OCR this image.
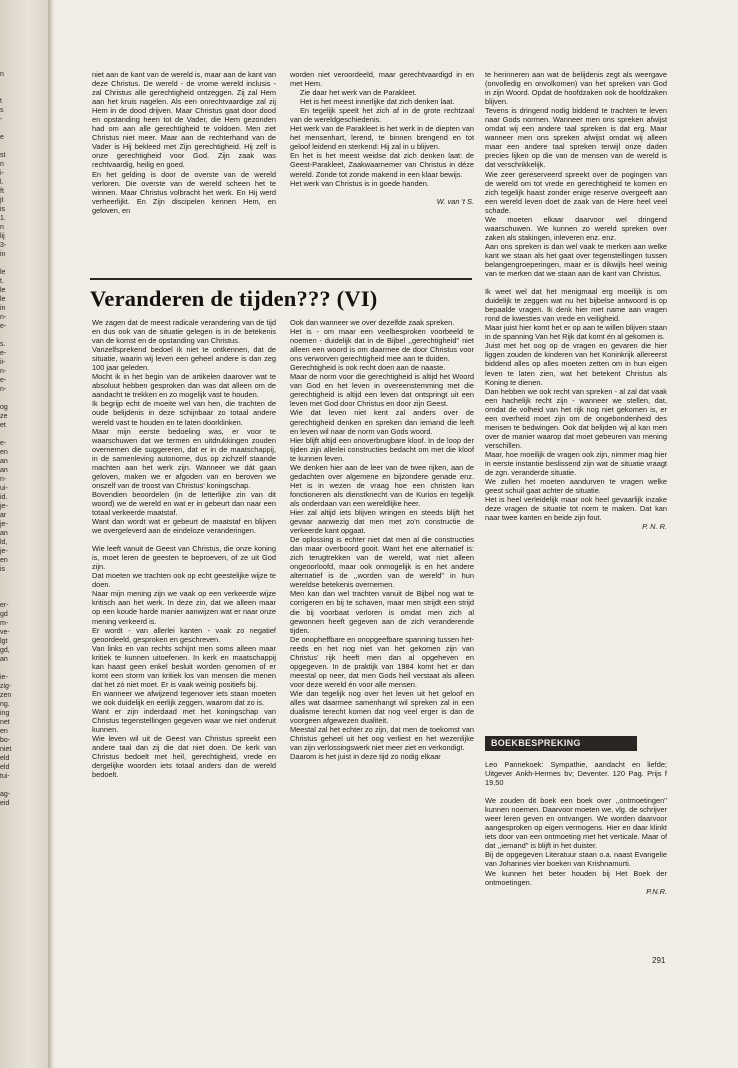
n

t
s
-

e

st
n
i-
l.
ft
jt
is
1.
n
lij
3-
in

le
t.
le
le
in
n-
e-

s.
e-
ii-
n-
e-
n-

og
ze
et

e-
en
an
an
n-
ui-
id.
je-
ar
je-
an
ld,
je-
en
is

er-
gd
m-
ve-
lgt
gd,
an

ie-
zig-
zen
ng.
ing
net
en
bo-
niet
eld
eld
tui-

ag-
eid

niet aan de kant van de wereld is, maar aan de kant van deze Christus. De wereld - de vrome wereld inclusis - zal Christus alle gerechtigheid ontzeggen. Zij zal Hem aan het kruis nagelen. Als een onrechtvaardige zal zij Hem in de dood drijven. Maar Christus gaat door dood en opstanding heen tot de Vader, die Hem gezonden had om aan alle gerechtigheid te voldoen. Men ziet Christus niet meer. Maar aan de rechterhand van de Vader is Hij bekleed met Zijn gerechtigheid. Hij zelf is onze gerechtigheid voor God. Zijn zaak was rechtvaardig, heilig en goed.

En het gelding is door de overste van de wereld verloren. Die overste van de wereld scheen het te winnen. Maar Christus volbracht het werk. En Hij werd verheerlijkt. En Zijn discipelen kennen Hem, en geloven, en

worden niet veroordeeld, maar gerechtvaardigd in en met Hem.

Zie daar het werk van de Parakleet.

Het is het meest innerlijke dat zich denken laat.

En tegelijk speelt het zich af in de grote rechtzaal van de wereldgeschiedenis.

Het werk van de Parakleet is het werk in de diepten van het mensenhart, lerend, te binnen brengend en tot geloof leidend en sterkend: Hij zal in u blijven.

En het is het meest weidse dat zich denken laat: de Geest-Parakleet, Zaakwaarnemer van Christus in déze wereld. Zonde tot zonde makend in een klaar bewijs.

Het werk van Christus is in goede handen.

W. van 't S.

Veranderen de tijden??? (VI)

We zagen dat de meest radicale verandering van de tijd en dus ook van de situatie gelegen is in de betekenis van de komst en de opstanding van Christus.

Vanzelfsprekend bedoel ik niet te ontkennen, dat de situatie, waarin wij leven een geheel andere is dan zeg 100 jaar geleden.

Mocht ik in het begin van de artikelen daarover wat te absoluut hebben gesproken dan was dat alleen om de aandacht te trekken en zo mogelijk vast te houden.

Ik begrijp echt de moeite wel van hen, die trachten de oude belijdenis in deze schijnbaar zo totaal andere wereld vast te houden en te laten doorklinken.

Maar mijn eerste bedoeling was, er voor te waarschuwen dat we termen en uitdrukkingen zouden overnemen die suggereren, dat er in de maatschappij, in de samenleving autonome, dus op zichzelf staande machten aan het werk zijn. Wanneer we dát gaan geloven, maken we er afgoden van en beroven we onszelf van de troost van Christus' koningschap.

Bovendien beoordelen (in de letterlijke zin van dit woord) we de wereld en wat er in gebeurt dan naar een totaal verkeerde maatstaf.

Want dan wordt wat er gebeurt de maatstaf en blijven we overgeleverd aan de eindeloze veranderingen.

Wie leeft vanuit de Geest van Christus, die onze koning is, moet leren de geesten te beproeven, of ze uit God zijn.

Dat moeten we trachten ook op echt geestelijke wijze te doen.

Naar mijn mening zijn we vaak op een verkeerde wijze kritisch aan het werk. In deze zin, dat we alleen maar op een koude harde manier aanwijzen wat er naar onze mening verkeerd is.

Er wordt - van allerlei kanten - vaak zo negatief geoordeeld, gesproken en geschreven.

Van links en van rechts schijnt men soms alleen maar kritiek te kunnen uitoefenen. In kerk en maatschappij kan haast geen enkel besluit worden genomen of er komt een storm van kritiek los van mensen die menen dat het zó niet moet. Er is vaak weinig positiefs bij.

En wanneer we afwijzend tegenover iets staan moeten we ook duidelijk en eerlijk zeggen, waarom dat zo is.

Want er zijn inderdaad met het koningschap van Christus tegenstellingen gegeven waar we niet onderuit kunnen.

Wie leven wil uit de Geest van Christus spreekt een andere taal dan zij die dat niet doen. De kerk van Christus bedoelt met heil, gerechtigheid, vrede en dergelijke woorden iets totaal anders dan de wereld bedoelt.

Ook dan wanneer we over dezelfde zaak spreken.

Het is - om maar een veelbesproken voorbeeld te noemen - duidelijk dat in de Bijbel ,,gerechtigheid'' niet alleen een woord is om daarmee de door Christus voor ons verworven gerechtigheid mee aan te duiden.

Gerechtigheid is ook recht doen aan de naaste.

Maar de norm voor die gerechtigheid is altijd het Woord van God en het leven in overeenstemming met die gerechtigheid is altijd een leven dat ontspringt uit een leven met God door Christus en door zijn Geest.

Wie dat leven niet kent zal anders over de gerechtigheid denken en spreken dan iemand die leeft en leven wil naar de norm van Gods woord.

Hier blijft altijd een onoverbrugbare kloof. In de loop der tijden zijn allerlei constructies bedacht om met die kloof te kunnen leven.

We denken hier aan de leer van de twee rijken, aan de gedachten over algemene en bijzondere genade enz. Het is in wezen de vraag hoe een christen kan fonctioneren als dienstknecht van de Kurios en tegelijk als onderdaan van een wereldlijke heer.

Hier zal altijd iets blijven wringen en steeds blijft het gevaar aanwezig dat men met zo'n constructie de verkeerde kant opgaat.

De oplossing is echter niet dat men al die constructies dan maar overboord gooit. Want het ene alternatief is: zich terugtrekken van de wereld, wat niet alleen ongeoorloofd, maar ook onmogelijk is en het andere alternatief is de ,,worden van de wereld'' in hun wereldse betekenis overnemen.

Men kan dan wel trachten vanuit de Bijbel nog wat te corrigeren en bij te schaven, maar men strijdt een strijd die bij voorbaat verloren is omdat men zich al gewonnen heeft gegeven aan de zich veranderende tijden.

De onopheffbare en onopgeefbare spanning tussen het-reeds en het nog niet van het gekomen zijn van Christus' rijk heeft men dan al opgeheven en opgegeven. In de praktijk van 1984 komt het er dan meestal op neer, dat men Gods heil verstaat als alleen voor deze wereld én voor alle mensen.

Wie dan tegelijk nog over het leven uit het geloof en alles wat daarmee samenhangt wil spreken zal in een dualisme terecht komen dat nog veel erger is dan de voorgeen afgewezen dualiteit.

Meestal zal het echter zo zijn, dat men de toekomst van Christus geheel uit het oog verliest en het wezenlijke van zijn verlossingswerk niet meer ziet en verkondigt.

Daarom is het juist in deze tijd zo nodig elkaar

te herinneren aan wat de belijdenis zegt als weergave (onvolledig en onvolkomen) van het spreken van God in zijn Woord. Opdat de hoofdzaken ook de hoofdzaken blijven.

Tevens is dringend nodig biddend te trachten te leven naar Gods normen. Wanneer men ons spreken afwijst omdat wij een andere taal spreken is dat erg. Maar wanneer men ons spreken afwijst omdat wij alleen maar een andere taal spreken terwijl onze daden precies lijken op die van de mensen van de wereld is dat verschrikkelijk.

Wie zeer gereserveerd spreekt over de pogingen van de wereld om tot vrede en gerechtigheid te komen en zich tegelijk haast zonder enige reserve overgeeft aan een wereld leven doet de zaak van de Here heel veel schade.

We moeten elkaar daarvoor wel dringend waarschuwen. We kunnen zo wereld spreken over zaken als stakingen, inleveren enz. enz.

Aan ons spreken is dan wel vaak te merken aan welke kant we staan als het gaat over tegenstellingen tussen belangengroeperingen, maar er is dikwijls heel weinig van te merken dat we staan aan de kant van Christus.

Ik weet wel dat het menigmaal erg moeilijk is om duidelijk te zeggen wat nu het bijbelse antwoord is op bepaalde vragen. Ik denk hier met name aan vragen rond de kwesties van vrede en veiligheid.

Maar juist hier komt het er op aan te willen blijven staan in de spanning Van het Rijk dat komt én al gekomen is.

Juist met het oog op de vragen en gevaren die hier liggen zouden de kinderen van het Koninkrijk allereerst biddend alles op alles moeten zetten om in hun eigen leven te laten zien, wat het betekent Christus als Koning te dienen.

Dan hebben we ook recht van spreken - al zal dat vaak een hachelijk recht zijn - wanneer we stellen, dat, omdat de volheid van het rijk nog niet gekomen is, er een overheid moet zijn om de ongebondenheid des mensen te bedwingen. Ook dat belijden wij al kan men over de manier waarop dat moet gebeuren van mening verschillen.

Maar, hoe moeilijk de vragen ook zijn, nimmer mag hier in eerste instantie beslissend zijn wat de situatie vraagt de zgn. veranderde situatie.

We zullen het moeten aandurven te vragen welke geest schuil gaat achter de situatie.

Het is heel verleidelijk maar ook heel gevaarlijk inzake deze vragen de situatie tot norm te maken. Dat kan naar twee kanten en beide zijn fout.

P. N. R.

BOEKBESPREKING

Leo Pannekoek: Sympathie, aandacht en liefde; Uitgever Ankh-Hermes bv; Deventer. 120 Pag. Prijs f 19,50

We zouden dit boek een boek over ,,ontmoetingen'' kunnen noemen. Daarvoor moeten we, vlg. de schrijver weer leren geven en ontvangen. We worden daarvoor aangesproken op eigen vermogens. Hier en daar klinkt iets door van een ontmoeting met het verticale. Maar of dat ,,iemand'' is blijft in het duister.

Bij de opgegeven Literatuur staan o.a. naast Evangelie van Johannes vier boeken van Krishnamurti.

We kunnen het beter houden bij Het Boek der ontmoetingen.

P.N.R.

291
